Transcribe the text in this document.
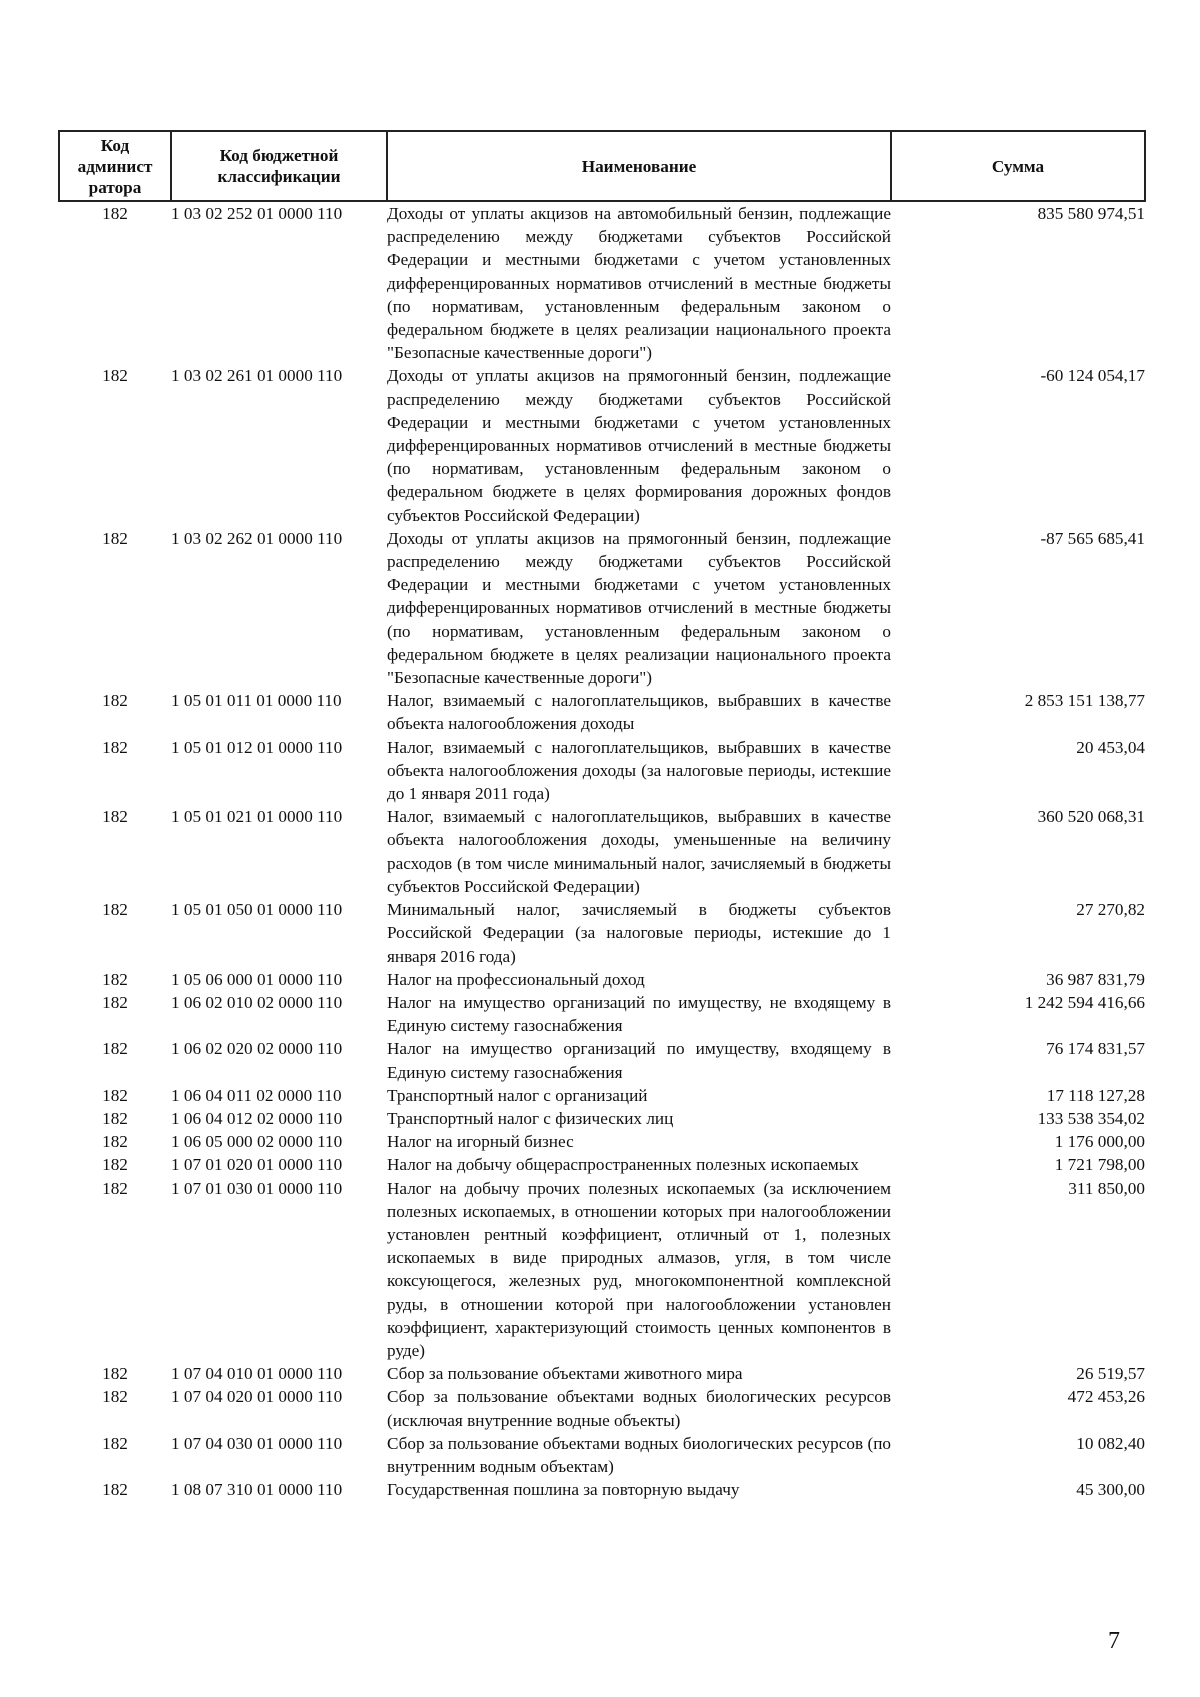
Код админист ратора	Код бюджетной классификации	Наименование	Сумма
182	1 03 02 252 01 0000 110	Доходы от уплаты акцизов на автомобильный бензин, подлежащие распределению между бюджетами субъектов Российской Федерации и местными бюджетами с учетом установленных дифференцированных нормативов отчислений в местные бюджеты (по нормативам, установленным федеральным законом о федеральном бюджете в целях реализации национального проекта "Безопасные качественные дороги")	835 580 974,51
182	1 03 02 261 01 0000 110	Доходы от уплаты акцизов на прямогонный бензин, подлежащие распределению между бюджетами субъектов Российской Федерации и местными бюджетами с учетом установленных дифференцированных нормативов отчислений в местные бюджеты (по нормативам, установленным федеральным законом о федеральном бюджете в целях формирования дорожных фондов субъектов Российской Федерации)	-60 124 054,17
182	1 03 02 262 01 0000 110	Доходы от уплаты акцизов на прямогонный бензин, подлежащие распределению между бюджетами субъектов Российской Федерации и местными бюджетами с учетом установленных дифференцированных нормативов отчислений в местные бюджеты (по нормативам, установленным федеральным законом о федеральном бюджете в целях реализации национального проекта "Безопасные качественные дороги")	-87 565 685,41
182	1 05 01 011 01 0000 110	Налог, взимаемый с налогоплательщиков, выбравших в качестве объекта налогообложения доходы	2 853 151 138,77
182	1 05 01 012 01 0000 110	Налог, взимаемый с налогоплательщиков, выбравших в качестве объекта налогообложения доходы (за налоговые периоды, истекшие до 1 января 2011 года)	20 453,04
182	1 05 01 021 01 0000 110	Налог, взимаемый с налогоплательщиков, выбравших в качестве объекта налогообложения доходы, уменьшенные на величину расходов (в том числе минимальный налог, зачисляемый в бюджеты субъектов Российской Федерации)	360 520 068,31
182	1 05 01 050 01 0000 110	Минимальный налог, зачисляемый в бюджеты субъектов Российской Федерации (за налоговые периоды, истекшие до 1 января 2016 года)	27 270,82
182	1 05 06 000 01 0000 110	Налог на профессиональный доход	36 987 831,79
182	1 06 02 010 02 0000 110	Налог на имущество организаций по имуществу, не входящему в Единую систему газоснабжения	1 242 594 416,66
182	1 06 02 020 02 0000 110	Налог на имущество организаций по имуществу, входящему в Единую систему газоснабжения	76 174 831,57
182	1 06 04 011 02 0000 110	Транспортный налог с организаций	17 118 127,28
182	1 06 04 012 02 0000 110	Транспортный налог с физических лиц	133 538 354,02
182	1 06 05 000 02 0000 110	Налог на игорный бизнес	1 176 000,00
182	1 07 01 020 01 0000 110	Налог на добычу общераспространенных полезных ископаемых	1 721 798,00
182	1 07 01 030 01 0000 110	Налог на добычу прочих полезных ископаемых (за исключением полезных ископаемых, в отношении которых при налогообложении установлен рентный коэффициент, отличный от 1, полезных ископаемых в виде природных алмазов, угля, в том числе коксующегося, железных руд, многокомпонентной комплексной руды, в отношении которой при налогообложении установлен коэффициент, характеризующий стоимость ценных компонентов в руде)	311 850,00
182	1 07 04 010 01 0000 110	Сбор за пользование объектами животного мира	26 519,57
182	1 07 04 020 01 0000 110	Сбор за пользование объектами водных биологических ресурсов (исключая внутренние водные объекты)	472 453,26
182	1 07 04 030 01 0000 110	Сбор за пользование объектами водных биологических ресурсов (по внутренним водным объектам)	10 082,40
182	1 08 07 310 01 0000 110	Государственная пошлина за повторную выдачу	45 300,00
7
